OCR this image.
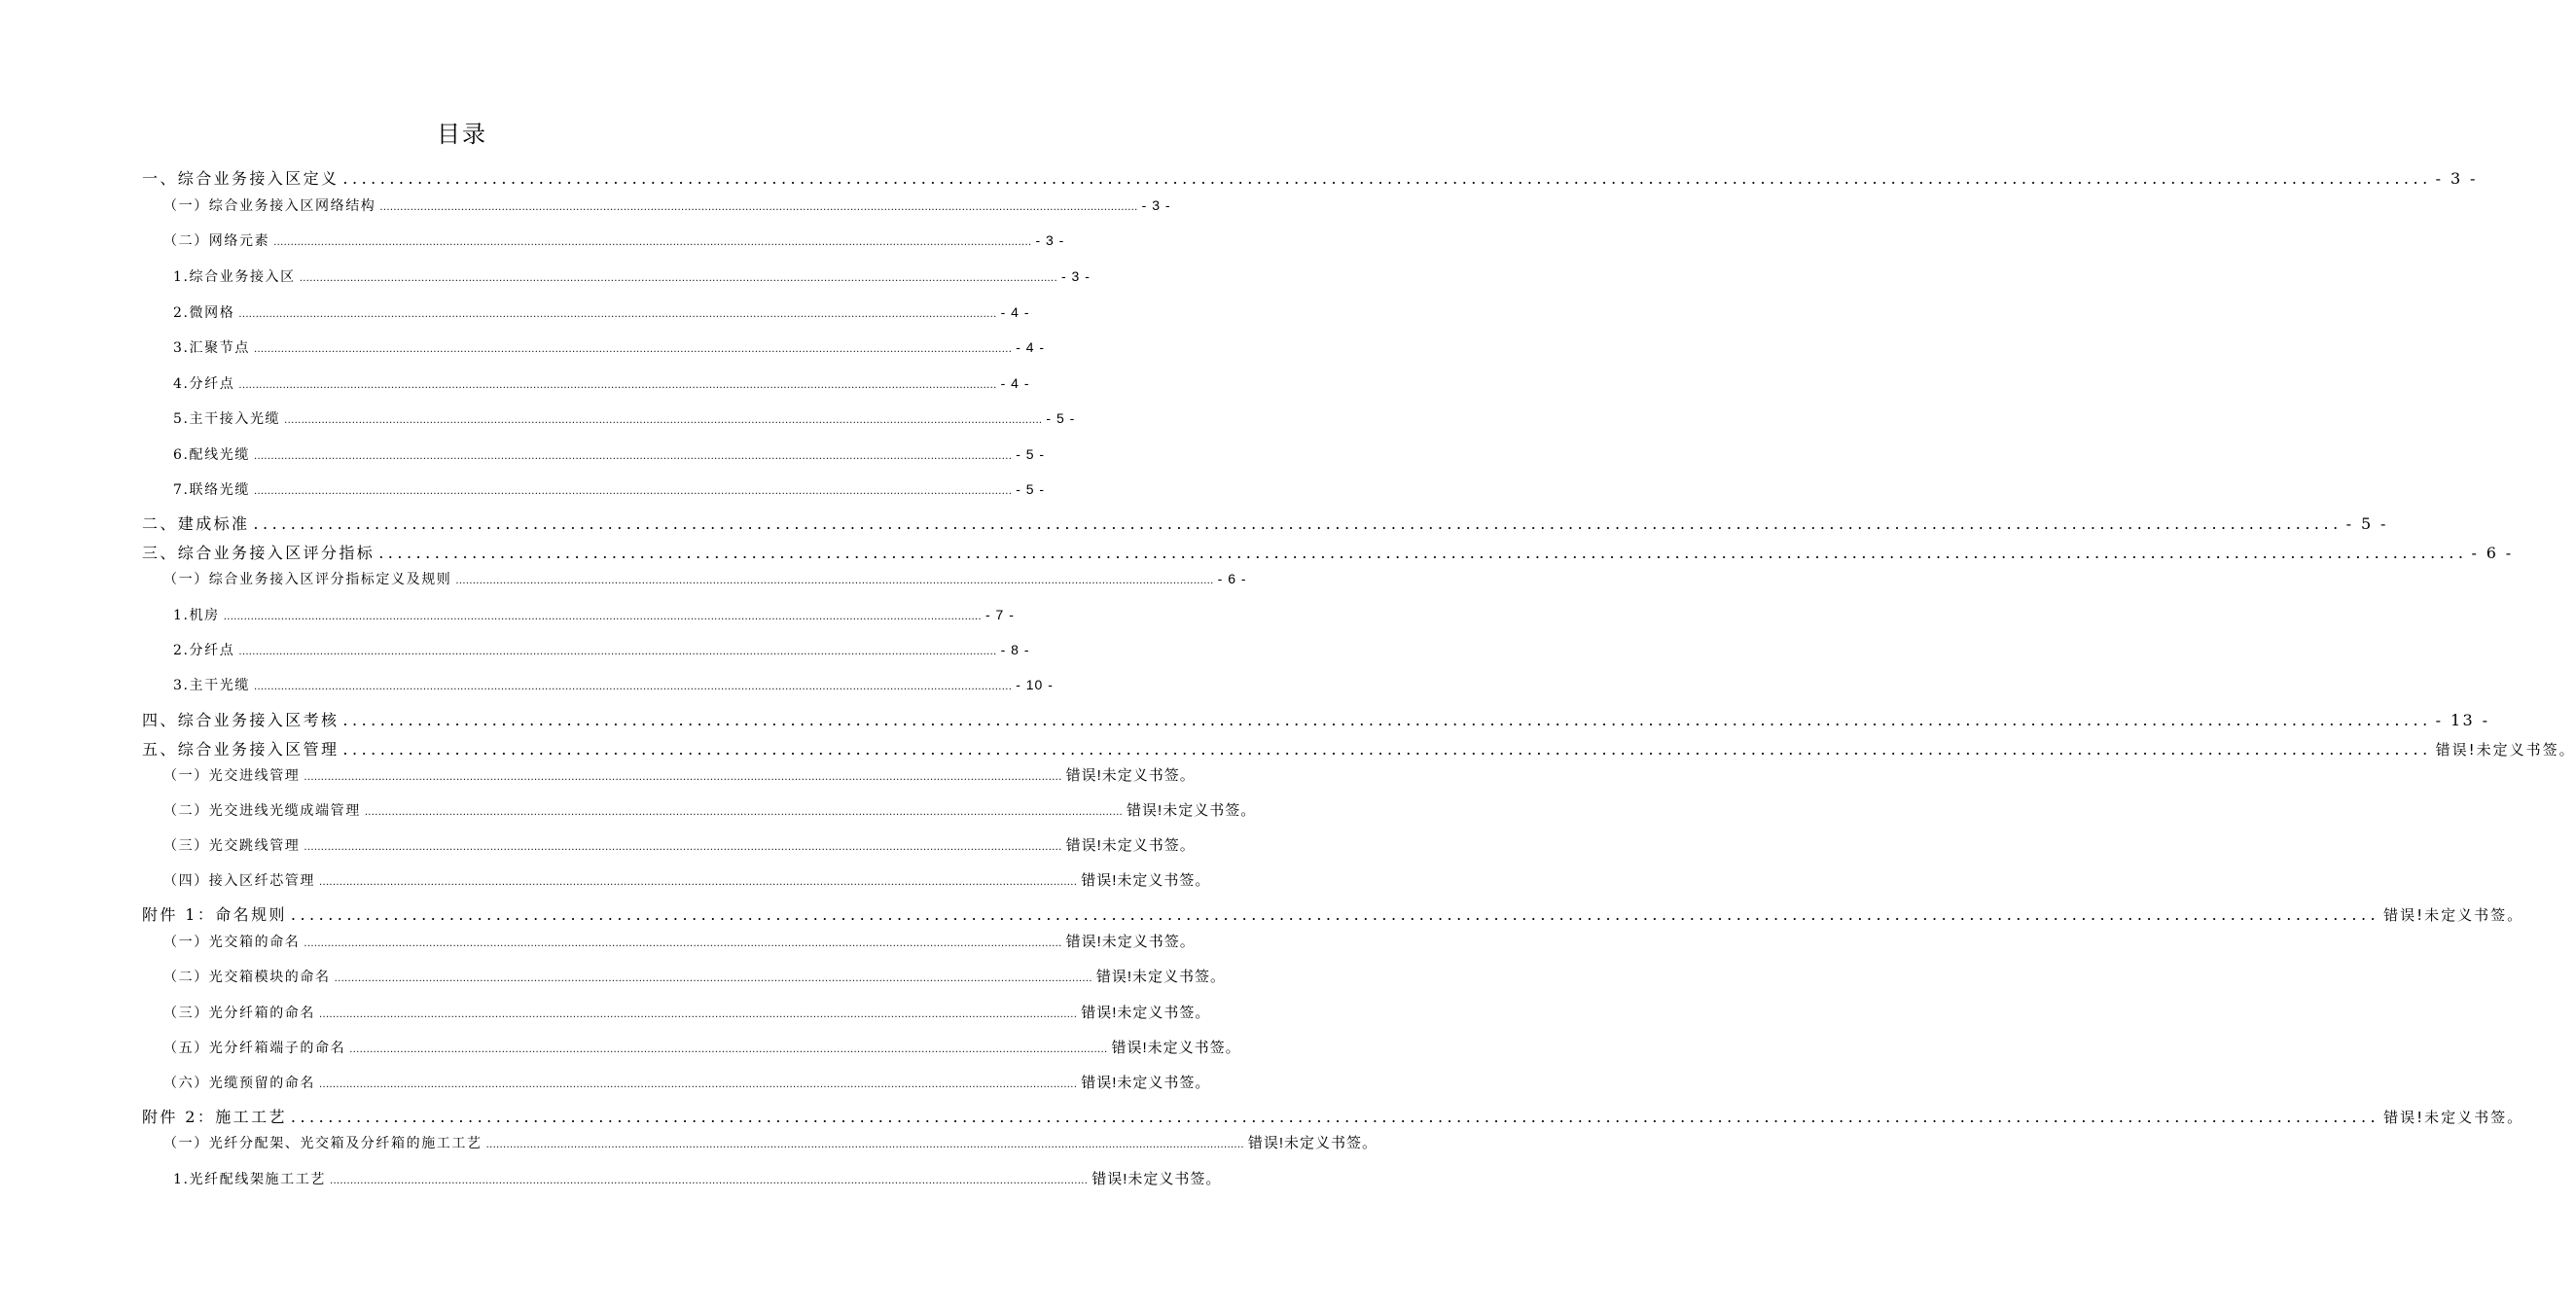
目录
一、综合业务接入区定义 ................................................................................................................................................................................................................................ - 3 -
（一）综合业务接入区网络结构 ................................................................................................................................................................................................................................ - 3 -
（二）网络元素 ................................................................................................................................................................................................................................ - 3 -
1.综合业务接入区 ................................................................................................................................................................................................................................ - 3 -
2.微网格 ................................................................................................................................................................................................................................ - 4 -
3.汇聚节点 ................................................................................................................................................................................................................................ - 4 -
4.分纤点 ................................................................................................................................................................................................................................ - 4 -
5.主干接入光缆 ................................................................................................................................................................................................................................ - 5 -
6.配线光缆 ................................................................................................................................................................................................................................ - 5 -
7.联络光缆 ................................................................................................................................................................................................................................ - 5 -
二、建成标准 ................................................................................................................................................................................................................................ - 5 -
三、综合业务接入区评分指标 ................................................................................................................................................................................................................................ - 6 -
（一）综合业务接入区评分指标定义及规则 ................................................................................................................................................................................................................................ - 6 -
1.机房 ................................................................................................................................................................................................................................ - 7 -
2.分纤点 ................................................................................................................................................................................................................................ - 8 -
3.主干光缆 ................................................................................................................................................................................................................................ - 10 -
四、综合业务接入区考核 ................................................................................................................................................................................................................................ - 13 -
五、综合业务接入区管理 ................................................................................................................................................................................................................................ 错误!未定义书签。
（一）光交进线管理 ................................................................................................................................................................................................................................ 错误!未定义书签。
（二）光交进线光缆成端管理 ................................................................................................................................................................................................................................ 错误!未定义书签。
（三）光交跳线管理 ................................................................................................................................................................................................................................ 错误!未定义书签。
（四）接入区纤芯管理 ................................................................................................................................................................................................................................ 错误!未定义书签。
附件 1：命名规则 ................................................................................................................................................................................................................................ 错误!未定义书签。
（一）光交箱的命名 ................................................................................................................................................................................................................................ 错误!未定义书签。
（二）光交箱模块的命名 ................................................................................................................................................................................................................................ 错误!未定义书签。
（三）光分纤箱的命名 ................................................................................................................................................................................................................................ 错误!未定义书签。
（五）光分纤箱端子的命名 ................................................................................................................................................................................................................................ 错误!未定义书签。
（六）光缆预留的命名 ................................................................................................................................................................................................................................ 错误!未定义书签。
附件 2：施工工艺 ................................................................................................................................................................................................................................ 错误!未定义书签。
（一）光纤分配架、光交箱及分纤箱的施工工艺 ................................................................................................................................................................................................................................ 错误!未定义书签。
1.光纤配线架施工工艺 ................................................................................................................................................................................................................................ 错误!未定义书签。
